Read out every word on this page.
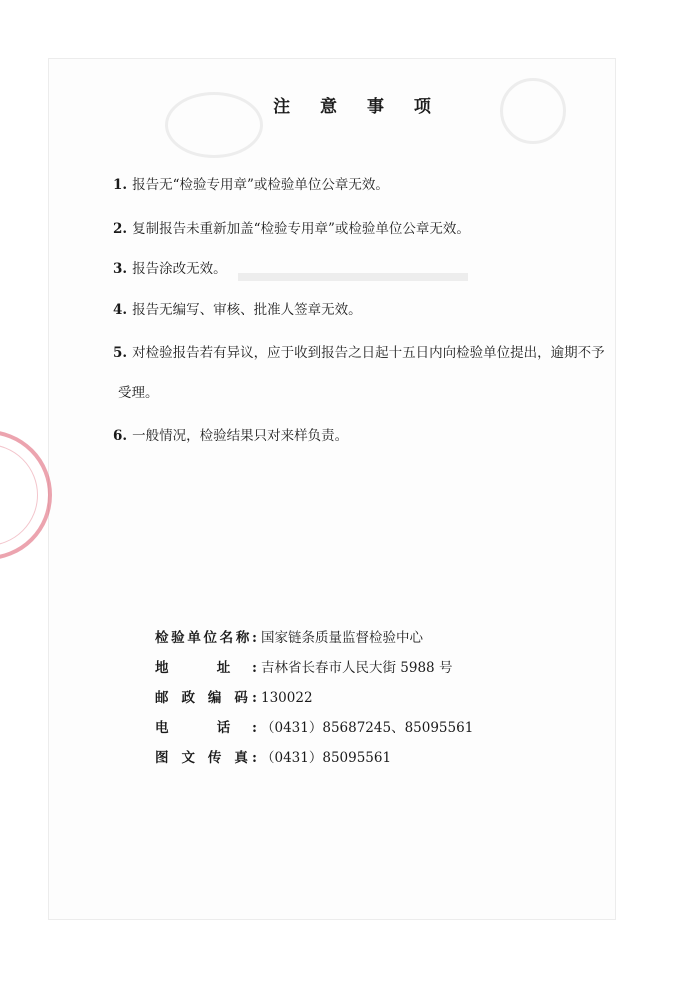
注 意 事 项
1. 报告无“检验专用章”或检验单位公章无效。
2. 复制报告未重新加盖“检验专用章”或检验单位公章无效。
3. 报告涂改无效。
4. 报告无编写、审核、批准人签章无效。
5. 对检验报告若有异议，应于收到报告之日起十五日内向检验单位提出，逾期不予
受理。
6. 一般情况，检验结果只对来样负责。
检验单位名称: 国家链条质量监督检验中心
地 址: 吉林省长春市人民大街 5988 号
邮 政 编 码: 130022
电 话: （0431）85687245、85095561
图 文 传 真: （0431）85095561
